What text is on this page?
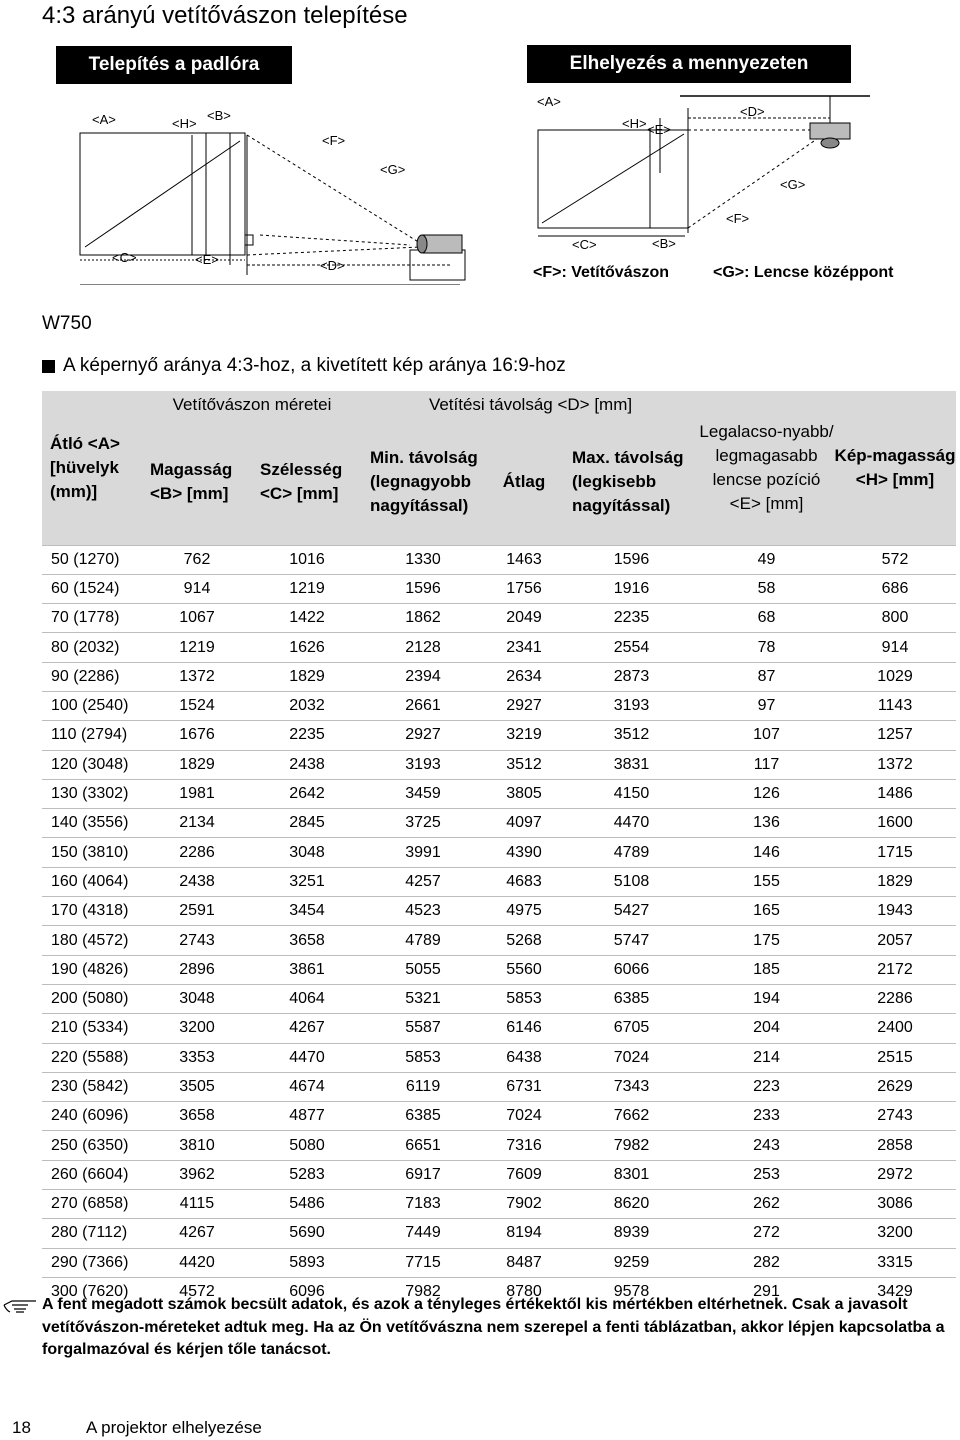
4:3 arányú vetítővászon telepítése
Telepítés a padlóra	Elhelyezés a mennyezeten
<A>	<H>
<B>
<F>
<G>
<C>	<E>	<D>
<A>
<H> <E>
<D>
<G>
<F>
<C>	<B>
<F>: Vetítővászon	<G>: Lencse középpont
W750
A képernyő aránya 4:3-hoz, a kivetített kép aránya 16:9-hoz
Átló <A> [hüvelyk (mm)]	Vetítővászon méretei		Vetítési távolság <D> [mm]			Legalacso-nyabb/ legmagasabb lencse pozíció <E> [mm]	Kép-magasság <H> [mm]
	Magasság <B> [mm]	Szélesség <C> [mm]	Min. távolság (legnagyobb nagyítással)	Átlag	Max. távolság (legkisebb nagyítással)		
50 (1270)	762	1016	1330	1463	1596	49	572
60 (1524)	914	1219	1596	1756	1916	58	686
70 (1778)	1067	1422	1862	2049	2235	68	800
80 (2032)	1219	1626	2128	2341	2554	78	914
90 (2286)	1372	1829	2394	2634	2873	87	1029
100 (2540)	1524	2032	2661	2927	3193	97	1143
110 (2794)	1676	2235	2927	3219	3512	107	1257
120 (3048)	1829	2438	3193	3512	3831	117	1372
130 (3302)	1981	2642	3459	3805	4150	126	1486
140 (3556)	2134	2845	3725	4097	4470	136	1600
150 (3810)	2286	3048	3991	4390	4789	146	1715
160 (4064)	2438	3251	4257	4683	5108	155	1829
170 (4318)	2591	3454	4523	4975	5427	165	1943
180 (4572)	2743	3658	4789	5268	5747	175	2057
190 (4826)	2896	3861	5055	5560	6066	185	2172
200 (5080)	3048	4064	5321	5853	6385	194	2286
210 (5334)	3200	4267	5587	6146	6705	204	2400
220 (5588)	3353	4470	5853	6438	7024	214	2515
230 (5842)	3505	4674	6119	6731	7343	223	2629
240 (6096)	3658	4877	6385	7024	7662	233	2743
250 (6350)	3810	5080	6651	7316	7982	243	2858
260 (6604)	3962	5283	6917	7609	8301	253	2972
270 (6858)	4115	5486	7183	7902	8620	262	3086
280 (7112)	4267	5690	7449	8194	8939	272	3200
290 (7366)	4420	5893	7715	8487	9259	282	3315
300 (7620)	4572	6096	7982	8780	9578	291	3429
A fent megadott számok becsült adatok, és azok a tényleges értékektől kis mértékben eltérhetnek. Csak a javasolt vetítővászon-méreteket adtuk meg. Ha az Ön vetítővászna nem szerepel a fenti táblázatban, akkor lépjen kapcsolatba a forgalmazóval és kérjen tőle tanácsot.
18	A projektor elhelyezése
